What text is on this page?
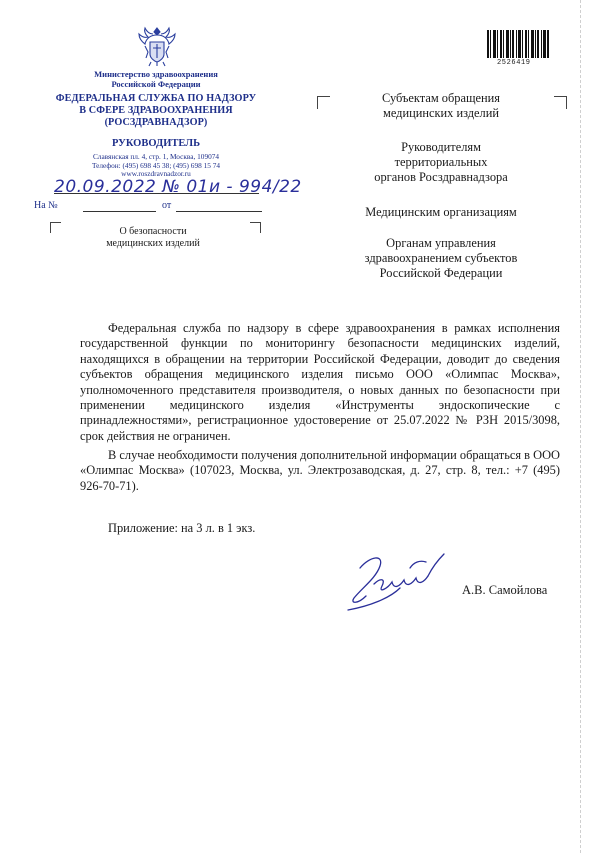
Министерство здравоохранения
Российской Федерации
ФЕДЕРАЛЬНАЯ СЛУЖБА ПО НАДЗОРУ
В СФЕРЕ ЗДРАВООХРАНЕНИЯ
(РОСЗДРАВНАДЗОР)
РУКОВОДИТЕЛЬ
Славянская пл. 4, стр. 1, Москва, 109074
Телефон: (495) 698 45 38; (495) 698 15 74
www.roszdravnadzor.ru
20.09.2022 № 01и - 994/22
На №	от
О безопасности
медицинских изделий
2526419
Субъектам обращения
медицинских изделий
Руководителям
территориальных
органов Росздравнадзора
Медицинским организациям
Органам управления
здравоохранением субъектов
Российской Федерации
Федеральная служба по надзору в сфере здравоохранения в рамках исполнения государственной функции по мониторингу безопасности медицинских изделий, находящихся в обращении на территории Российской Федерации, доводит до сведения субъектов обращения медицинского изделия письмо ООО «Олимпас Москва», уполномоченного представителя производителя, о новых данных по безопасности при применении медицинского изделия «Инструменты эндоскопические с принадлежностями», регистрационное удостоверение от 25.07.2022 № РЗН 2015/3098, срок действия не ограничен.
В случае необходимости получения дополнительной информации обращаться в ООО «Олимпас Москва» (107023, Москва, ул. Электрозаводская, д. 27, стр. 8, тел.: +7 (495) 926-70-71).
Приложение: на 3 л. в 1 экз.
А.В. Самойлова
